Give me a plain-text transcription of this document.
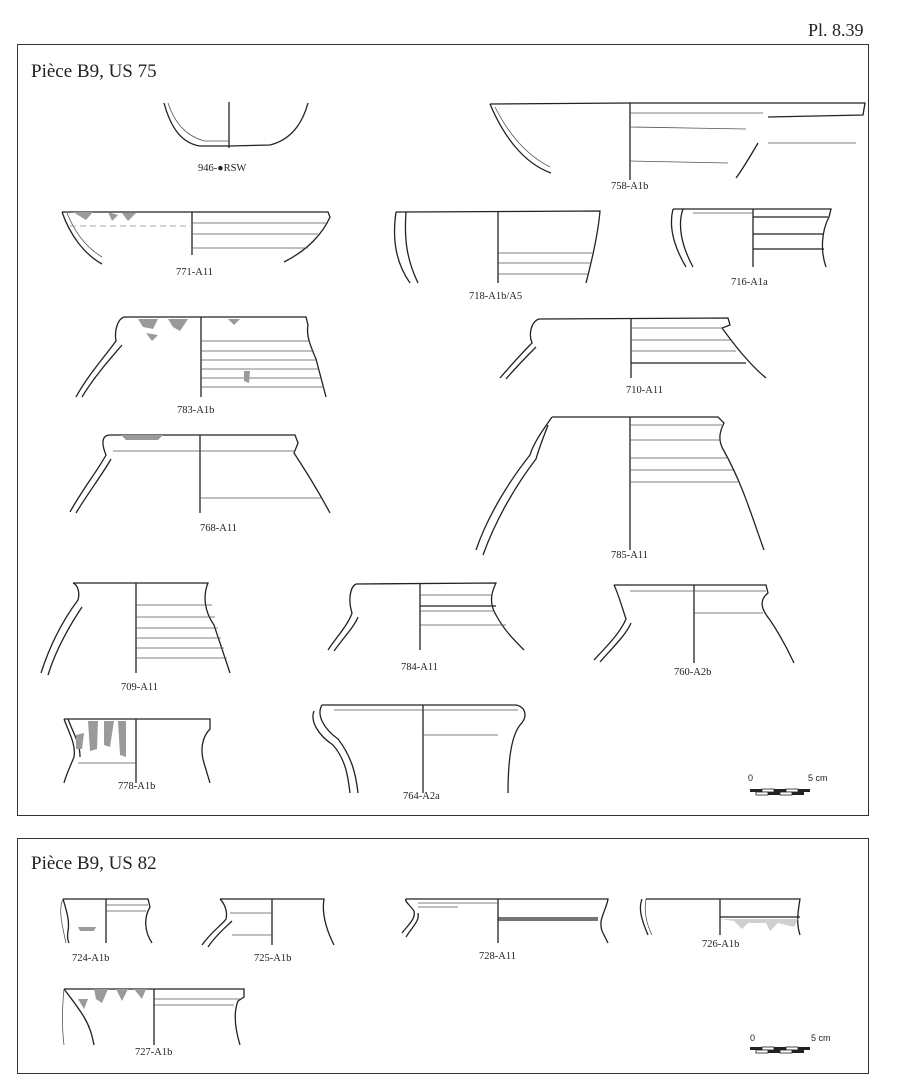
Pl. 8.39
Pièce B9, US 75
946-●RSW
758-A1b
771-A11
718-A1b/A5
716-A1a
783-A1b
710-A11
768-A11
785-A11
709-A11
784-A11	760-A2b
778-A1b
764-A2a
0	5 cm
Pièce B9, US 82
724-A1b	725-A1b	728-A11
726-A1b
727-A1b
0	5 cm
